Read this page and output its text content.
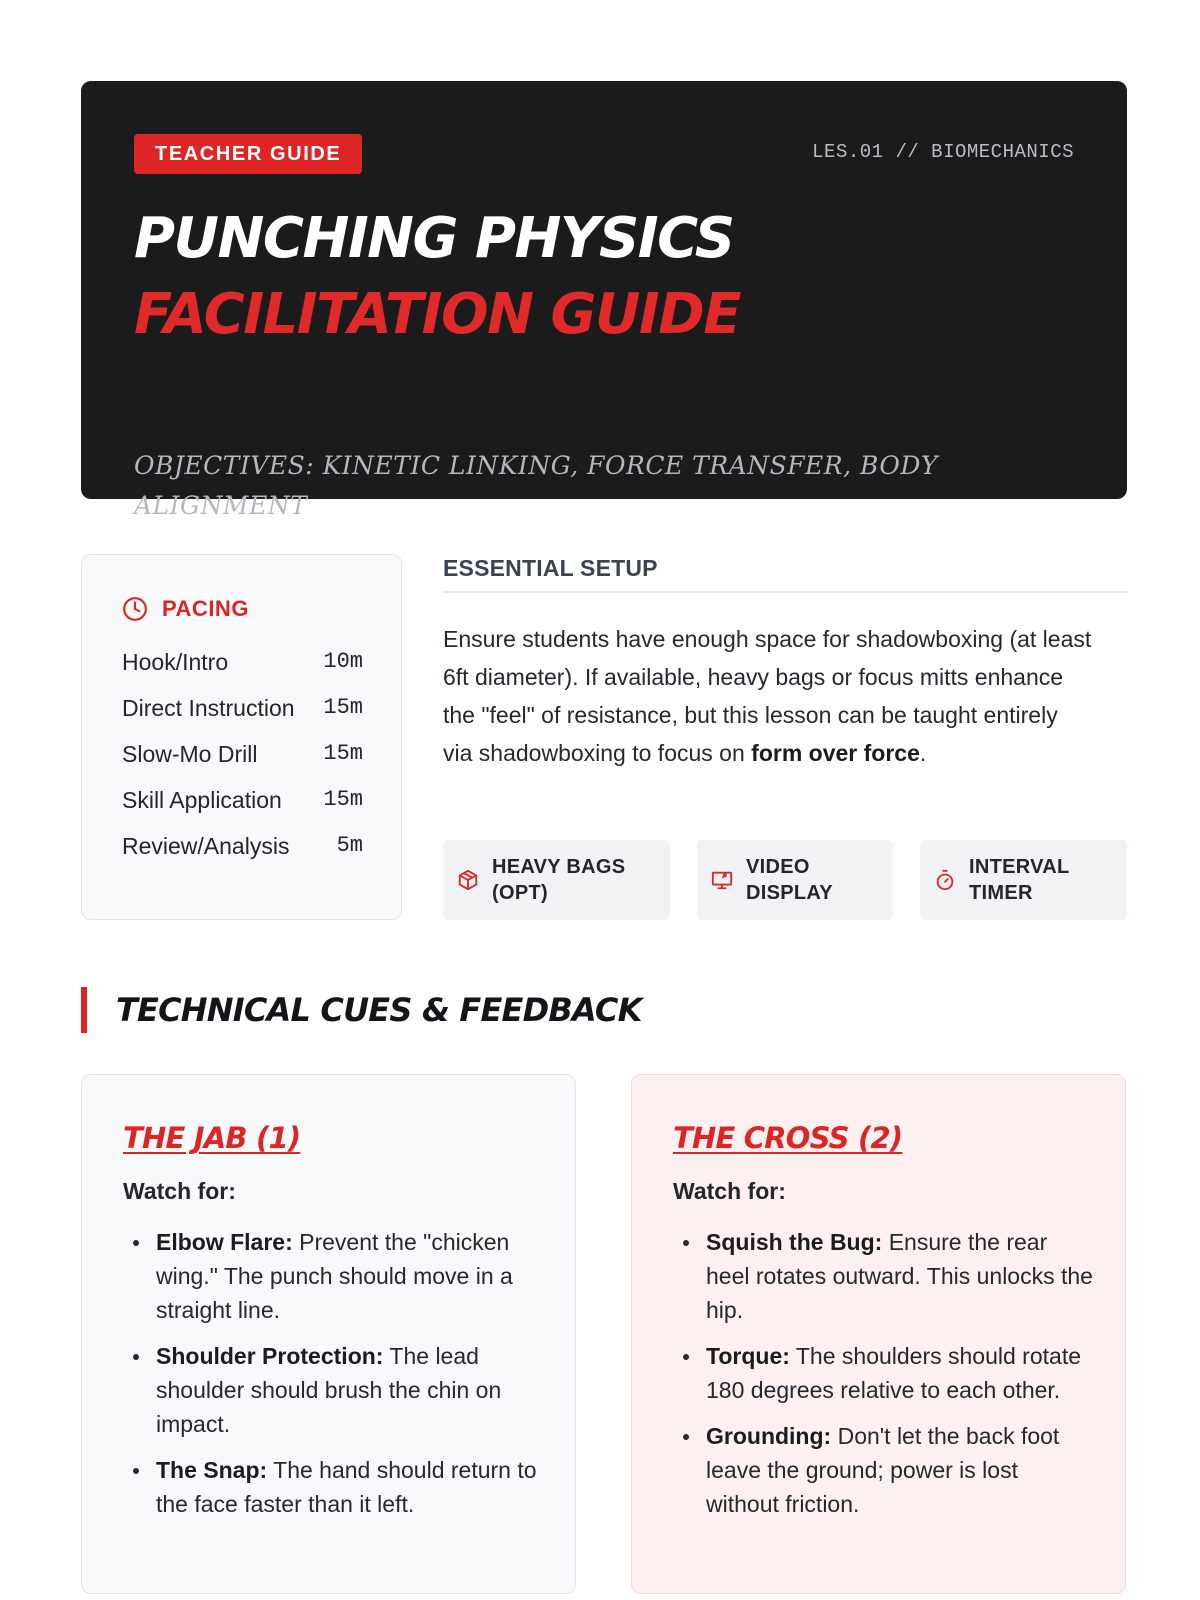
TEACHER GUIDE	LES.01 // BIOMECHANICS
PUNCHING PHYSICS
FACILITATION GUIDE
OBJECTIVES: KINETIC LINKING, FORCE TRANSFER, BODY ALIGNMENT
PACING
Hook/Intro	10m
Direct Instruction 15m
Slow-Mo Drill	15m
Skill Application 15m
Review/Analysis 5m
ESSENTIAL SETUP
Ensure students have enough space for shadowboxing (at least 6ft diameter). If available, heavy bags or focus mitts enhance the "feel" of resistance, but this lesson can be taught entirely via shadowboxing to focus on form over force.
HEAVY BAGS
(OPT)
VIDEO
DISPLAY
INTERVAL
TIMER
TECHNICAL CUES & FEEDBACK
THE JAB (1)
Watch for:
Elbow Flare: Prevent the "chicken wing." The punch should move in a straight line.
Shoulder Protection: The lead shoulder should brush the chin on impact.
The Snap: The hand should return to the face faster than it left.
THE CROSS (2)
Watch for:
Squish the Bug: Ensure the rear heel rotates outward. This unlocks the hip.
Torque: The shoulders should rotate 180 degrees relative to each other.
Grounding: Don't let the back foot leave the ground; power is lost without friction.
